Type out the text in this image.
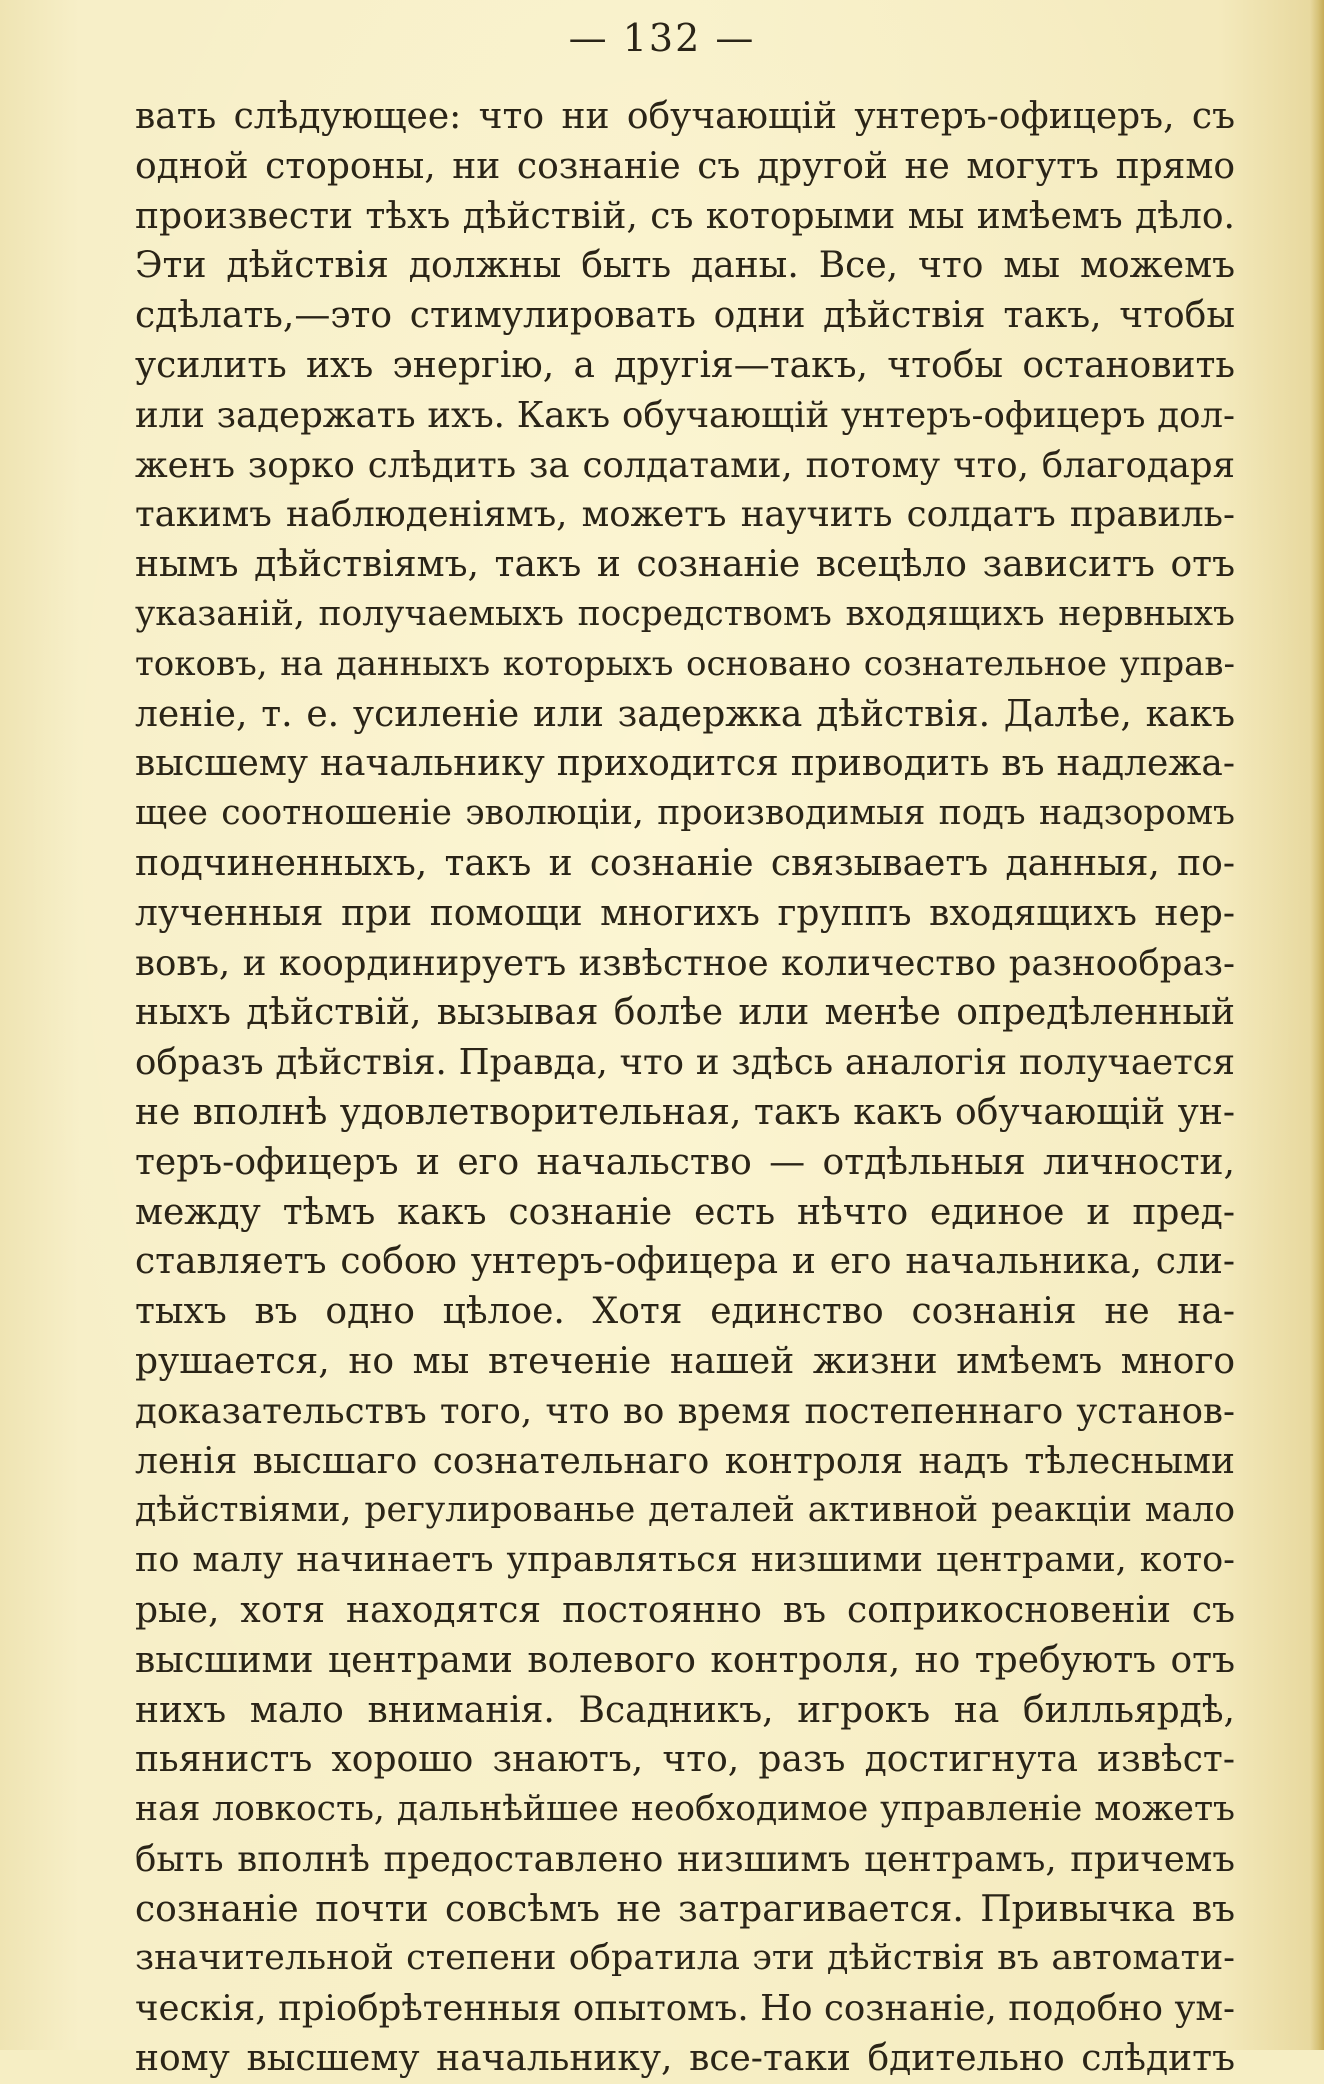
— 132 —
вать слѣдующее: что ни обучающій унтеръ-офицеръ, съ
одной стороны, ни сознаніе съ другой не могутъ прямо
произвести тѣхъ дѣйствій, съ которыми мы имѣемъ дѣло.
Эти дѣйствія должны быть даны. Все, что мы можемъ
сдѣлать,—это стимулировать одни дѣйствія такъ, чтобы
усилить ихъ энергію, а другія—такъ, чтобы остановить
или задержать ихъ. Какъ обучающій унтеръ-офицеръ дол-
женъ зорко слѣдить за солдатами, потому что, благодаря
такимъ наблюденіямъ, можетъ научить солдатъ правиль-
нымъ дѣйствіямъ, такъ и сознаніе всецѣло зависитъ отъ
указаній, получаемыхъ посредствомъ входящихъ нервныхъ
токовъ, на данныхъ которыхъ основано сознательное управ-
леніе, т. е. усиленіе или задержка дѣйствія. Далѣе, какъ
высшему начальнику приходится приводить въ надлежа-
щее соотношеніе эволюціи, производимыя подъ надзоромъ
подчиненныхъ, такъ и сознаніе связываетъ данныя, по-
лученныя при помощи многихъ группъ входящихъ нер-
вовъ, и координируетъ извѣстное количество разнообраз-
ныхъ дѣйствій, вызывая болѣе или менѣе опредѣленный
образъ дѣйствія. Правда, что и здѣсь аналогія получается
не вполнѣ удовлетворительная, такъ какъ обучающій ун-
теръ-офицеръ и его начальство — отдѣльныя личности,
между тѣмъ какъ сознаніе есть нѣчто единое и пред-
ставляетъ собою унтеръ-офицера и его начальника, сли-
тыхъ въ одно цѣлое. Хотя единство сознанія не на-
рушается, но мы втеченіе нашей жизни имѣемъ много
доказательствъ того, что во время постепеннаго установ-
ленія высшаго сознательнаго контроля надъ тѣлесными
дѣйствіями, регулированье деталей активной реакціи мало
по малу начинаетъ управляться низшими центрами, кото-
рые, хотя находятся постоянно въ соприкосновеніи съ
высшими центрами волевого контроля, но требуютъ отъ
нихъ мало вниманія. Всадникъ, игрокъ на билльярдѣ,
пьянистъ хорошо знаютъ, что, разъ достигнута извѣст-
ная ловкость, дальнѣйшее необходимое управленіе можетъ
быть вполнѣ предоставлено низшимъ центрамъ, причемъ
сознаніе почти совсѣмъ не затрагивается. Привычка въ
значительной степени обратила эти дѣйствія въ автомати-
ческія, пріобрѣтенныя опытомъ. Но сознаніе, подобно ум-
ному высшему начальнику, все-таки бдительно слѣдитъ
